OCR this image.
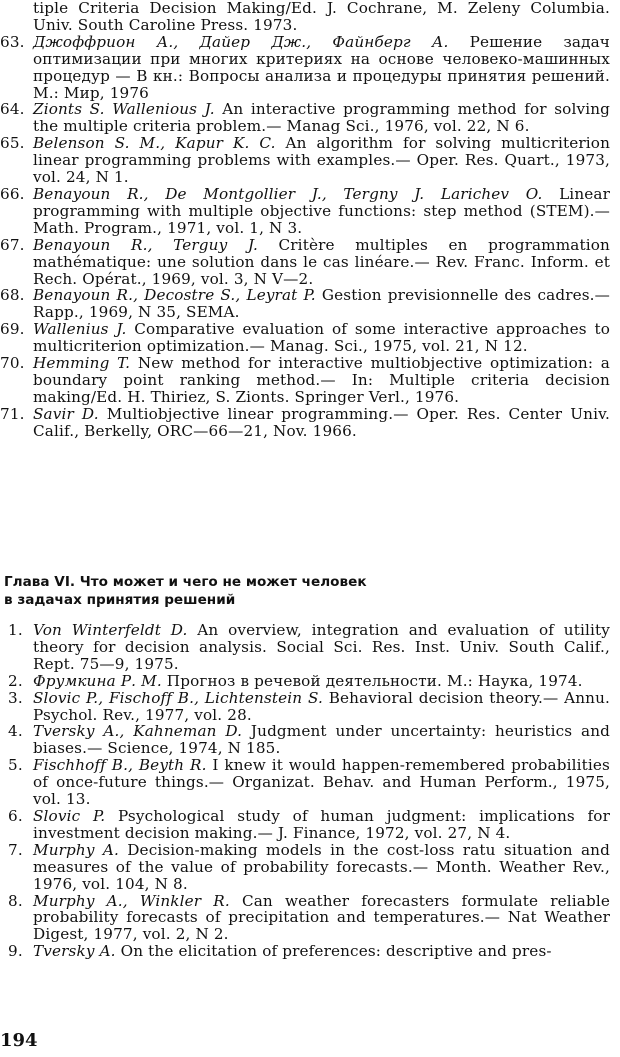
tiple Criteria Decision Making/Ed. J. Cochrane, M. Zeleny Columbia. Univ. South Caroline Press. 1973.
63. Джоффрион А., Дайер Дж., Файнберг А. Решение задач оптимизации при многих критериях на основе человеко-машинных процедур — В кн.: Вопросы анализа и процедуры принятия решений. М.: Мир, 1976
64. Zionts S. Wallenious J. An interactive programming method for solving the multiple criteria problem.— Manag Sci., 1976, vol. 22, N 6.
65. Belenson S. M., Kapur K. C. An algorithm for solving multicriterion linear programming problems with examples.— Oper. Res. Quart., 1973, vol. 24, N 1.
66. Benayoun R., De Montgollier J., Tergny J. Larichev O. Linear programming with multiple objective functions: step method (STEM).— Math. Program., 1971, vol. 1, N 3.
67. Benayoun R., Terguy J. Critère multiples en programmation mathématique: une solution dans le cas linéare.— Rev. Franc. Inform. et Rech. Opérat., 1969, vol. 3, N V—2.
68. Benayoun R., Decostre S., Leyrat P. Gestion previsionnelle des cadres.— Rapp., 1969, N 35, SEMA.
69. Wallenius J. Comparative evaluation of some interactive approaches to multicriterion optimization.— Manag. Sci., 1975, vol. 21, N 12.
70. Hemming T. New method for interactive multiobjective optimization: a boundary point ranking method.— In: Multiple criteria decision making/Ed. H. Thiriez, S. Zionts. Springer Verl., 1976.
71. Savir D. Multiobjective linear programming.— Oper. Res. Center Univ. Calif., Berkelly, ORC—66—21, Nov. 1966.
Глава VI. Что может и чего не может человек
в задачах принятия решений
1. Von Winterfeldt D. An overview, integration and evaluation of utility theory for decision analysis. Social Sci. Res. Inst. Univ. South Calif., Rept. 75—9, 1975.
2. Фрумкина Р. М. Прогноз в речевой деятельности. М.: Наука, 1974.
3. Slovic P., Fischoff B., Lichtenstein S. Behavioral decision theory.— Annu. Psychol. Rev., 1977, vol. 28.
4. Tversky A., Kahneman D. Judgment under uncertainty: heuristics and biases.— Science, 1974, N 185.
5. Fischhoff B., Beyth R. I knew it would happen-remembered probabilities of once-future things.— Organizat. Behav. and Human Perform., 1975, vol. 13.
6. Slovic P. Psychological study of human judgment: implications for investment decision making.— J. Finance, 1972, vol. 27, N 4.
7. Murphy A. Decision-making models in the cost-loss ratu situation and measures of the value of probability forecasts.— Month. Weather Rev., 1976, vol. 104, N 8.
8. Murphy A., Winkler R. Can weather forecasters formulate reliable probability forecasts of precipitation and temperatures.— Nat Weather Digest, 1977, vol. 2, N 2.
9. Tversky A. On the elicitation of preferences: descriptive and pres-
194
